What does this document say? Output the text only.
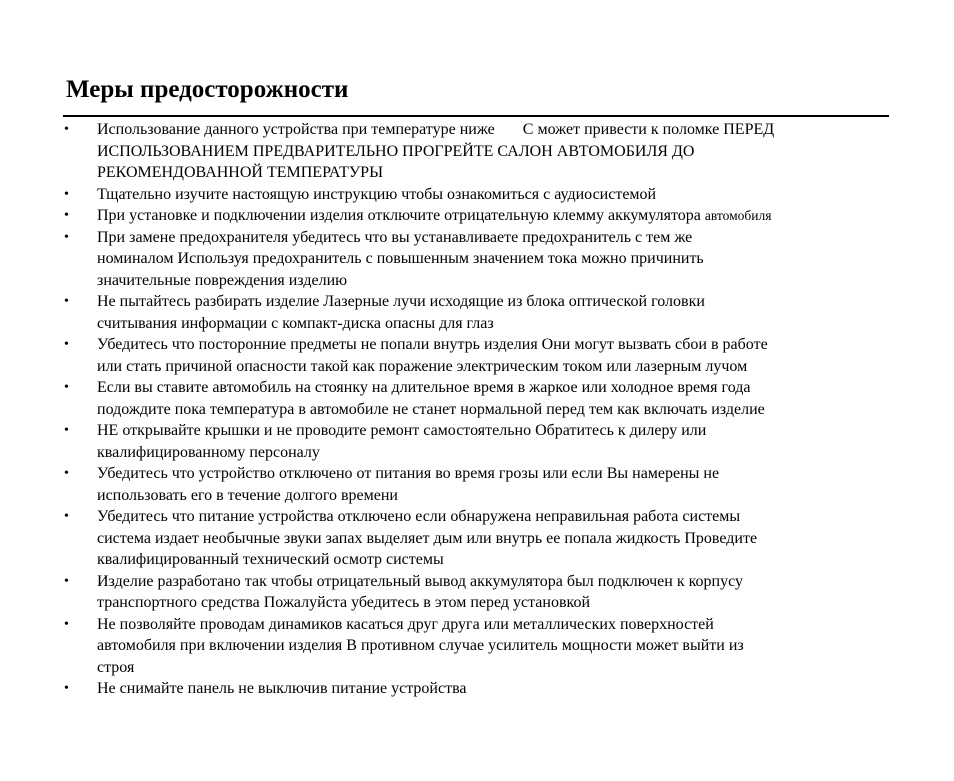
Меры предосторожности
• Использование данного устройства при температуре ниже С может привести к поломке ПЕРЕД
ИСПОЛЬЗОВАНИЕМ ПРЕДВАРИТЕЛЬНО ПРОГРЕЙТЕ САЛОН АВТОМОБИЛЯ ДО
РЕКОМЕНДОВАННОЙ ТЕМПЕРАТУРЫ
• Тщательно изучите настоящую инструкцию чтобы ознакомиться с аудиосистемой
• При установке и подключении изделия отключите отрицательную клемму аккумулятора автомобиля
• При замене предохранителя убедитесь что вы устанавливаете предохранитель с тем же
номиналом Используя предохранитель с повышенным значением тока можно причинить
значительные повреждения изделию
• Не пытайтесь разбирать изделие Лазерные лучи исходящие из блока оптической головки
считывания информации с компакт-диска опасны для глаз
• Убедитесь что посторонние предметы не попали внутрь изделия Они могут вызвать сбои в работе
или стать причиной опасности такой как поражение электрическим током или лазерным лучом
• Если вы ставите автомобиль на стоянку на длительное время в жаркое или холодное время года
подождите пока температура в автомобиле не станет нормальной перед тем как включать изделие
• НЕ открывайте крышки и не проводите ремонт самостоятельно Обратитесь к дилеру или
квалифицированному персоналу
• Убедитесь что устройство отключено от питания во время грозы или если Вы намерены не
использовать его в течение долгого времени
• Убедитесь что питание устройства отключено если обнаружена неправильная работа системы
система издает необычные звуки запах выделяет дым или внутрь ее попала жидкость Проведите
квалифицированный технический осмотр системы
• Изделие разработано так чтобы отрицательный вывод аккумулятора был подключен к корпусу
транспортного средства Пожалуйста убедитесь в этом перед установкой
• Не позволяйте проводам динамиков касаться друг друга или металлических поверхностей
автомобиля при включении изделия В противном случае усилитель мощности может выйти из
строя
• Не снимайте панель не выключив питание устройства
